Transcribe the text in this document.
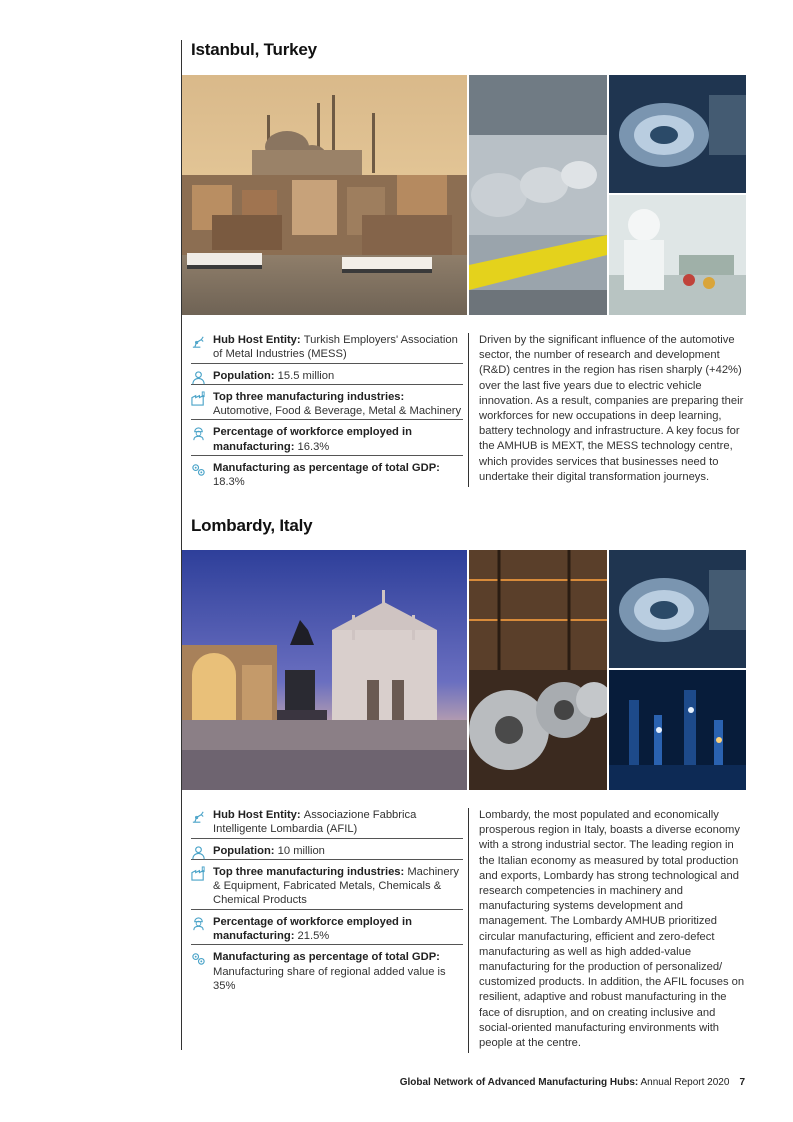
Istanbul, Turkey
Hub Host Entity: Turkish Employers' Association of Metal Industries (MESS)
Population: 15.5 million
Top three manufacturing industries: Automotive, Food & Beverage, Metal & Machinery
Percentage of workforce employed in manufacturing: 16.3%
Manufacturing as percentage of total GDP: 18.3%
Driven by the significant influence of the automotive sector, the number of research and development (R&D) centres in the region has risen sharply (+42%) over the last five years due to electric vehicle innovation. As a result, companies are preparing their workforces for new occupations in deep learning, battery technology and infrastructure. A key focus for the AMHUB is MEXT, the MESS technology centre, which provides services that businesses need to undertake their digital transformation journeys.
Lombardy, Italy
Hub Host Entity: Associazione Fabbrica Intelligente Lombardia (AFIL)
Population: 10 million
Top three manufacturing industries: Machinery & Equipment, Fabricated Metals, Chemicals & Chemical Products
Percentage of workforce employed in manufacturing: 21.5%
Manufacturing as percentage of total GDP: Manufacturing share of regional added value is 35%
Lombardy, the most populated and economically prosperous region in Italy, boasts a diverse economy with a strong industrial sector. The leading region in the Italian economy as measured by total production and exports, Lombardy has strong technological and research competencies in machinery and manufacturing systems development and management. The Lombardy AMHUB prioritized circular manufacturing, efficient and zero-defect manufacturing as well as high added-value manufacturing for the production of personalized/ customized products. In addition, the AFIL focuses on resilient, adaptive and robust manufacturing in the face of disruption, and on creating inclusive and social-oriented manufacturing environments with people at the centre.
Global Network of Advanced Manufacturing Hubs: Annual Report 2020 7
